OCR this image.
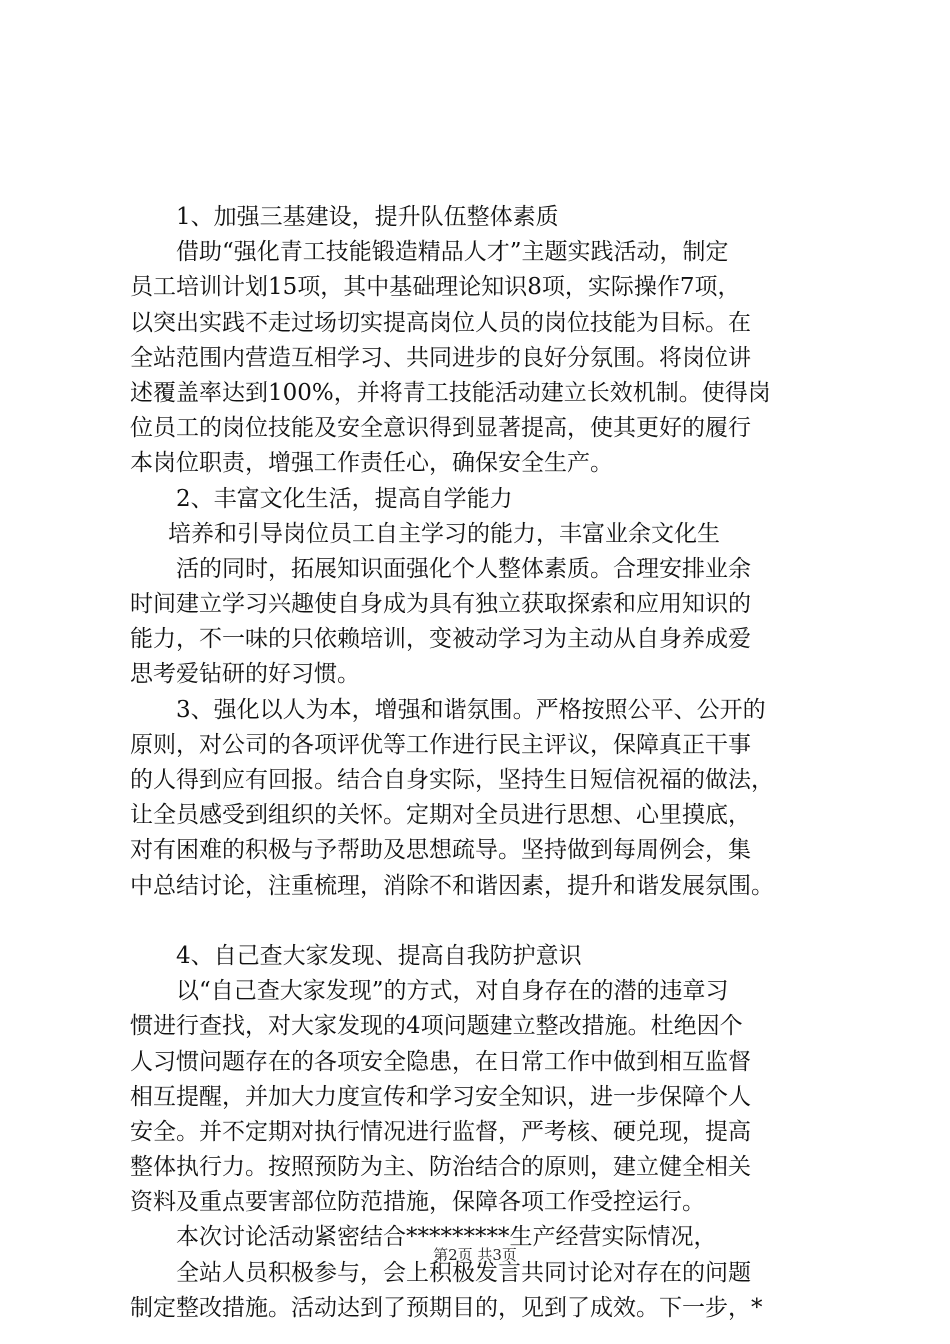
1、加强三基建设，提升队伍整体素质
借助“强化青工技能锻造精品人才”主题实践活动，制定
员工培训计划15项，其中基础理论知识8项，实际操作7项，
以突出实践不走过场切实提高岗位人员的岗位技能为目标。在
全站范围内营造互相学习、共同进步的良好分氛围。将岗位讲
述覆盖率达到100%，并将青工技能活动建立长效机制。使得岗
位员工的岗位技能及安全意识得到显著提高，使其更好的履行
本岗位职责，增强工作责任心，确保安全生产。
2、丰富文化生活，提高自学能力
培养和引导岗位员工自主学习的能力，丰富业余文化生
活的同时，拓展知识面强化个人整体素质。合理安排业余
时间建立学习兴趣使自身成为具有独立获取探索和应用知识的
能力，不一味的只依赖培训，变被动学习为主动从自身养成爱
思考爱钻研的好习惯。
3、强化以人为本，增强和谐氛围。严格按照公平、公开的
原则，对公司的各项评优等工作进行民主评议，保障真正干事
的人得到应有回报。结合自身实际，坚持生日短信祝福的做法，
让全员感受到组织的关怀。定期对全员进行思想、心里摸底，
对有困难的积极与予帮助及思想疏导。坚持做到每周例会，集
中总结讨论，注重梳理，消除不和谐因素，提升和谐发展氛围。
4、自己查大家发现、提高自我防护意识
以“自己查大家发现”的方式，对自身存在的潜的违章习
惯进行查找，对大家发现的4项问题建立整改措施。杜绝因个
人习惯问题存在的各项安全隐患，在日常工作中做到相互监督
相互提醒，并加大力度宣传和学习安全知识，进一步保障个人
安全。并不定期对执行情况进行监督，严考核、硬兑现，提高
整体执行力。按照预防为主、防治结合的原则，建立健全相关
资料及重点要害部位防范措施，保障各项工作受控运行。
本次讨论活动紧密结合*********生产经营实际情况，
全站人员积极参与，会上积极发言共同讨论对存在的问题
制定整改措施。活动达到了预期目的，见到了成效。下一步，*
第2页 共3页
